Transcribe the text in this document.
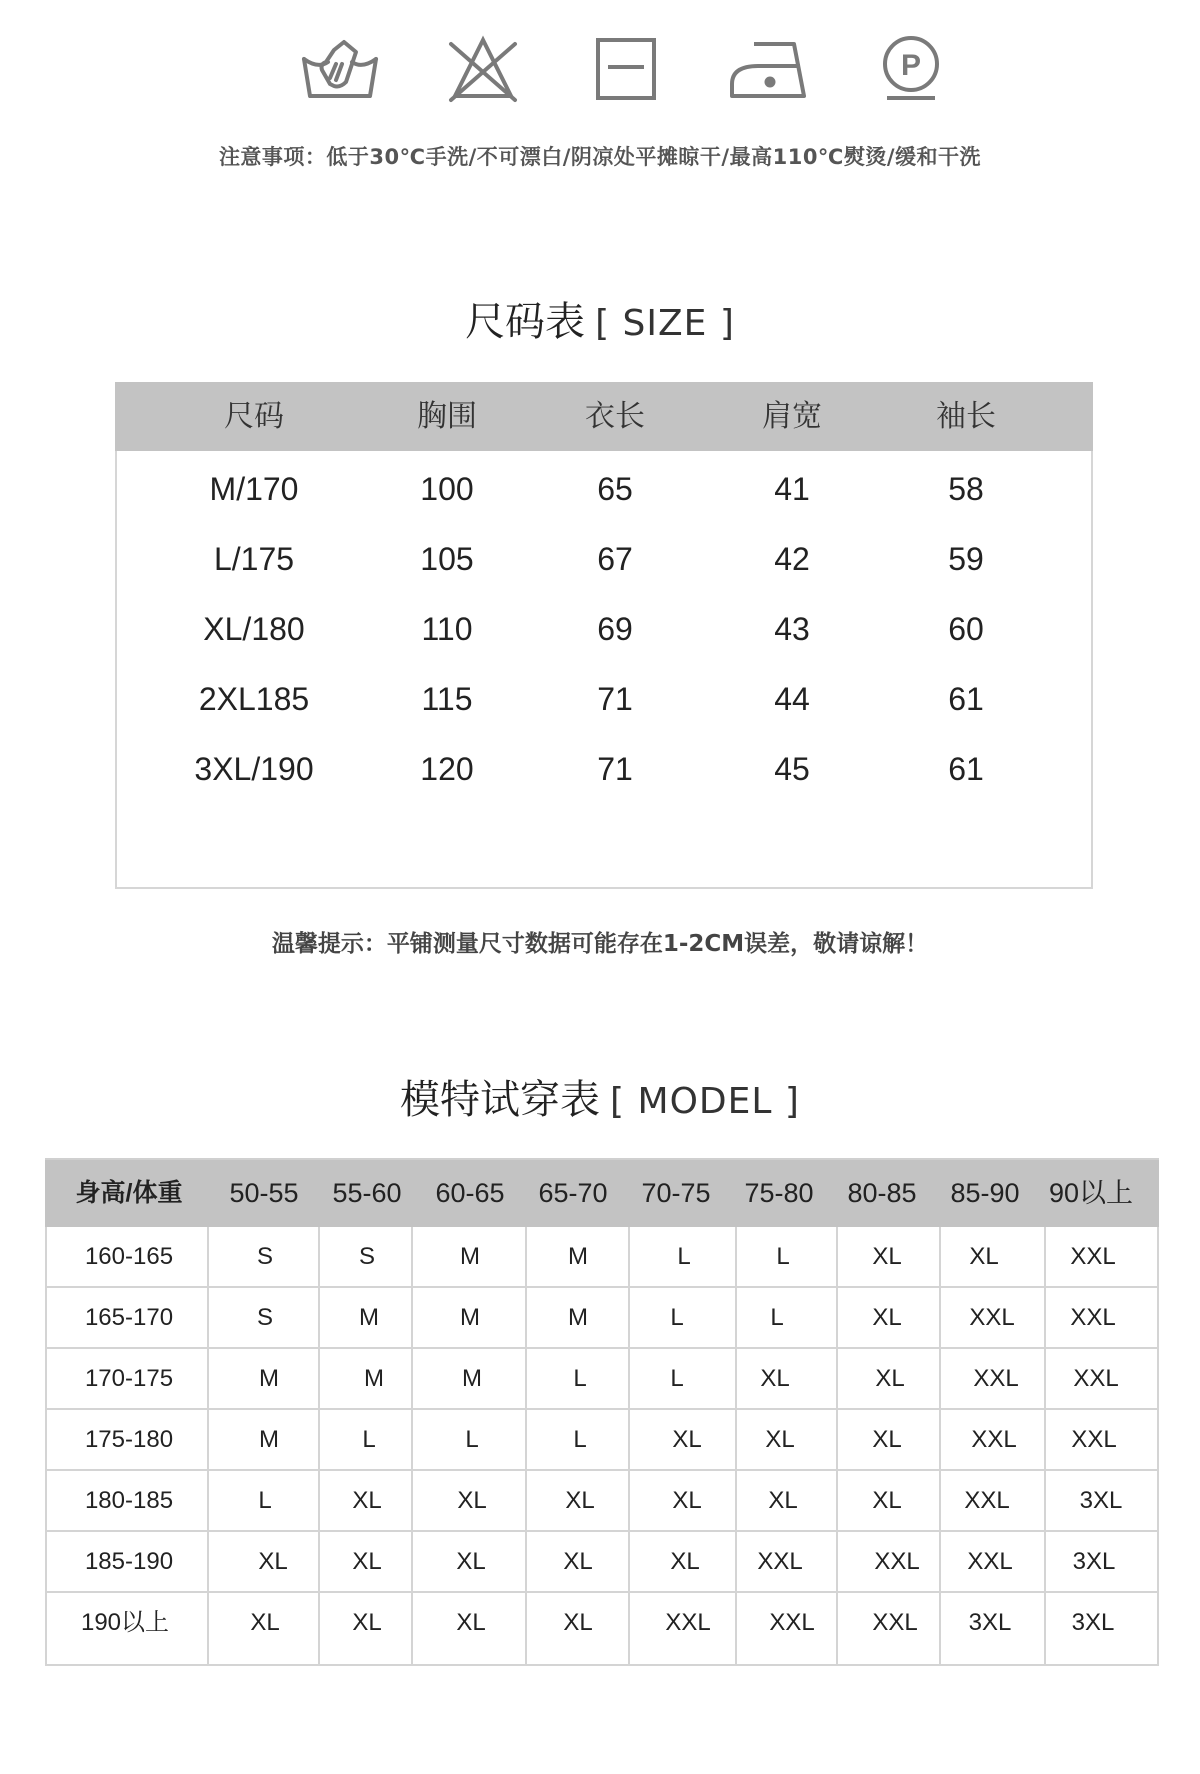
P
注意事项：低于30℃手洗/不可漂白/阴凉处平摊晾干/最高110℃熨烫/缓和干洗
尺码表 [ SIZE ]
尺码	胸围	衣长	肩宽	袖长
M/170	100	65	41	58
L/175	105	67	42	59
XL/180	110	69	43	60
2XL185	115	71	44	61
3XL/190	120	71	45	61
温馨提示：平铺测量尺寸数据可能存在1-2CM误差，敬请谅解！
模特试穿表 [ MODEL ]
身高/体重 50-55 55-60 60-65 65-70 70-75 75-80 80-85 85-90 90以上
160-165	S	S	M	M	L	L	XL	XL	XXL
165-170	S	M	M	M	L	L	XL	XXL XXL
170-175	M	M	M	L	L	XL	XL	XXL XXL
175-180	M	L	L	L	XL	XL	XL	XXL XXL
180-185	L	XL	XL	XL	XL	XL	XL	XXL	3XL
185-190	XL	XL	XL	XL	XL XXL	XXL XXL 3XL
190以上	XL	XL	XL	XL	XXL XXL XXL 3XL	3XL
